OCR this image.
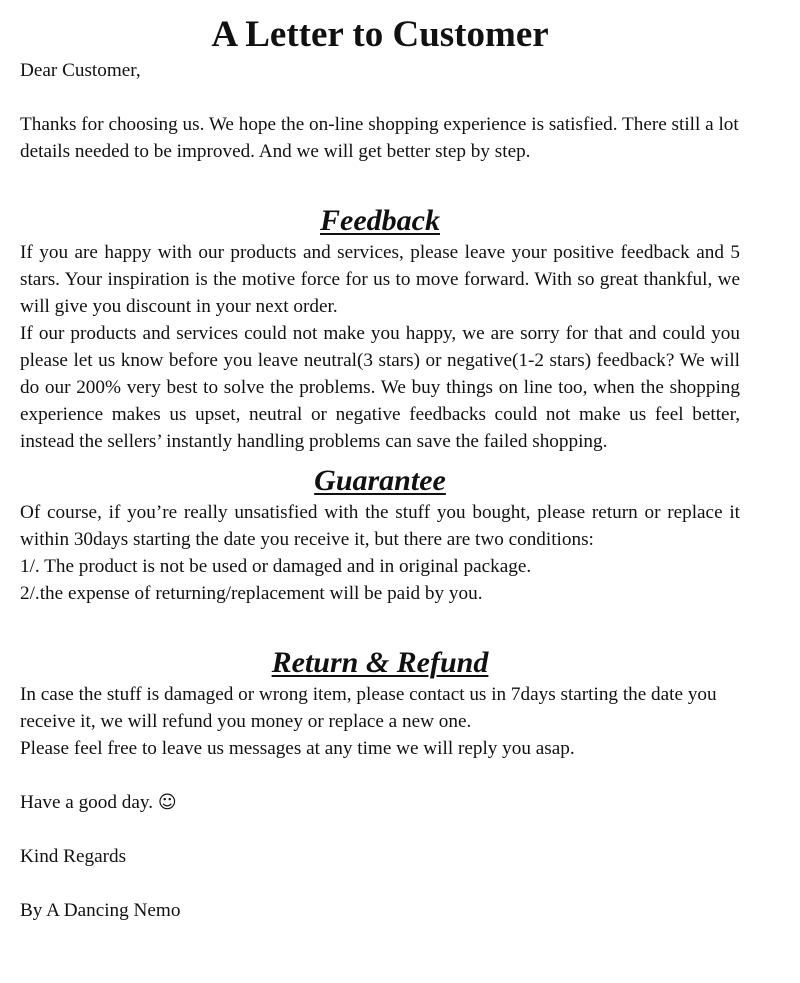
A Letter to Customer

Dear Customer,

Thanks for choosing us. We hope the on-line shopping experience is satisfied. There still a lot details needed to be improved. And we will get better step by step.

Feedback

If you are happy with our products and services, please leave your positive feedback and 5 stars. Your inspiration is the motive force for us to move forward. With so great thankful, we will give you discount in your next order.

If our products and services could not make you happy, we are sorry for that and could you please let us know before you leave neutral(3 stars) or negative(1-2 stars) feedback? We will do our 200% very best to solve the problems. We buy things on line too, when the shopping experience makes us upset, neutral or negative feedbacks could not make us feel better, instead the sellers’ instantly handling problems can save the failed shopping.

Guarantee

Of course, if you’re really unsatisfied with the stuff you bought, please return or replace it within 30days starting the date you receive it, but there are two conditions:

1/. The product is not be used or damaged and in original package.

2/.the expense of returning/replacement will be paid by you.

Return & Refund

In case the stuff is damaged or wrong item, please contact us in 7days starting the date you receive it, we will refund you money or replace a new one.

Please feel free to leave us messages at any time we will reply you asap.

Have a good day. ☺

Kind Regards

By A Dancing Nemo
